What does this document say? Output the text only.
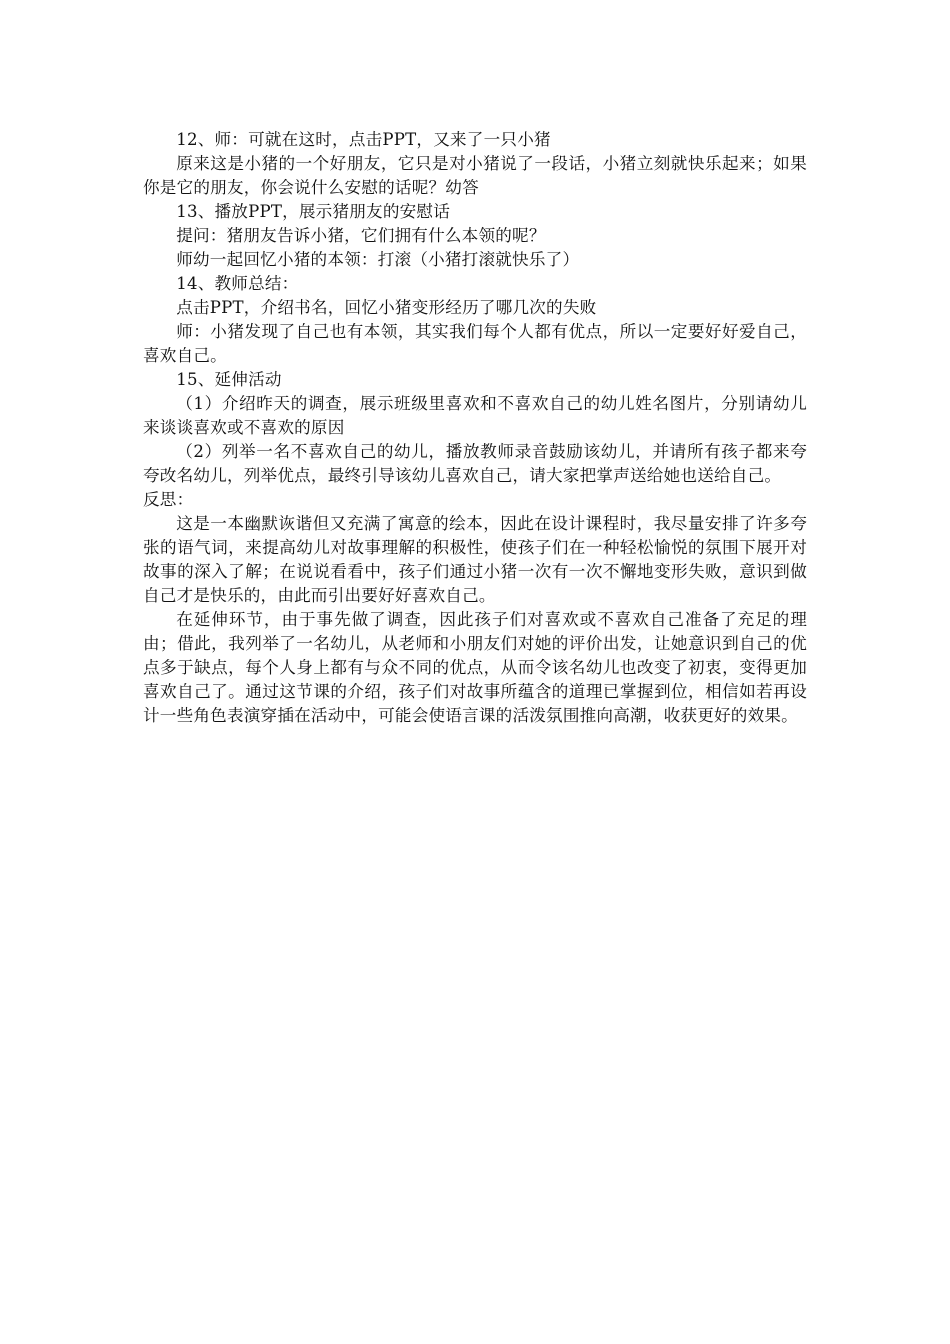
12、师：可就在这时，点击PPT，又来了一只小猪

原来这是小猪的一个好朋友，它只是对小猪说了一段话，小猪立刻就快乐起来；如果你是它的朋友，你会说什么安慰的话呢？幼答

13、播放PPT，展示猪朋友的安慰话

提问：猪朋友告诉小猪，它们拥有什么本领的呢？

师幼一起回忆小猪的本领：打滚（小猪打滚就快乐了）

14、教师总结：

点击PPT，介绍书名，回忆小猪变形经历了哪几次的失败

师：小猪发现了自己也有本领，其实我们每个人都有优点，所以一定要好好爱自己，喜欢自己。

15、延伸活动

（1）介绍昨天的调查，展示班级里喜欢和不喜欢自己的幼儿姓名图片，分别请幼儿来谈谈喜欢或不喜欢的原因

（2）列举一名不喜欢自己的幼儿，播放教师录音鼓励该幼儿，并请所有孩子都来夸夸改名幼儿，列举优点，最终引导该幼儿喜欢自己，请大家把掌声送给她也送给自己。

反思：

这是一本幽默诙谐但又充满了寓意的绘本，因此在设计课程时，我尽量安排了许多夸张的语气词，来提高幼儿对故事理解的积极性，使孩子们在一种轻松愉悦的氛围下展开对故事的深入了解；在说说看看中，孩子们通过小猪一次有一次不懈地变形失败，意识到做自己才是快乐的，由此而引出要好好喜欢自己。

在延伸环节，由于事先做了调查，因此孩子们对喜欢或不喜欢自己准备了充足的理由；借此，我列举了一名幼儿，从老师和小朋友们对她的评价出发，让她意识到自己的优点多于缺点，每个人身上都有与众不同的优点，从而令该名幼儿也改变了初衷，变得更加喜欢自己了。通过这节课的介绍，孩子们对故事所蕴含的道理已掌握到位，相信如若再设计一些角色表演穿插在活动中，可能会使语言课的活泼氛围推向高潮，收获更好的效果。
